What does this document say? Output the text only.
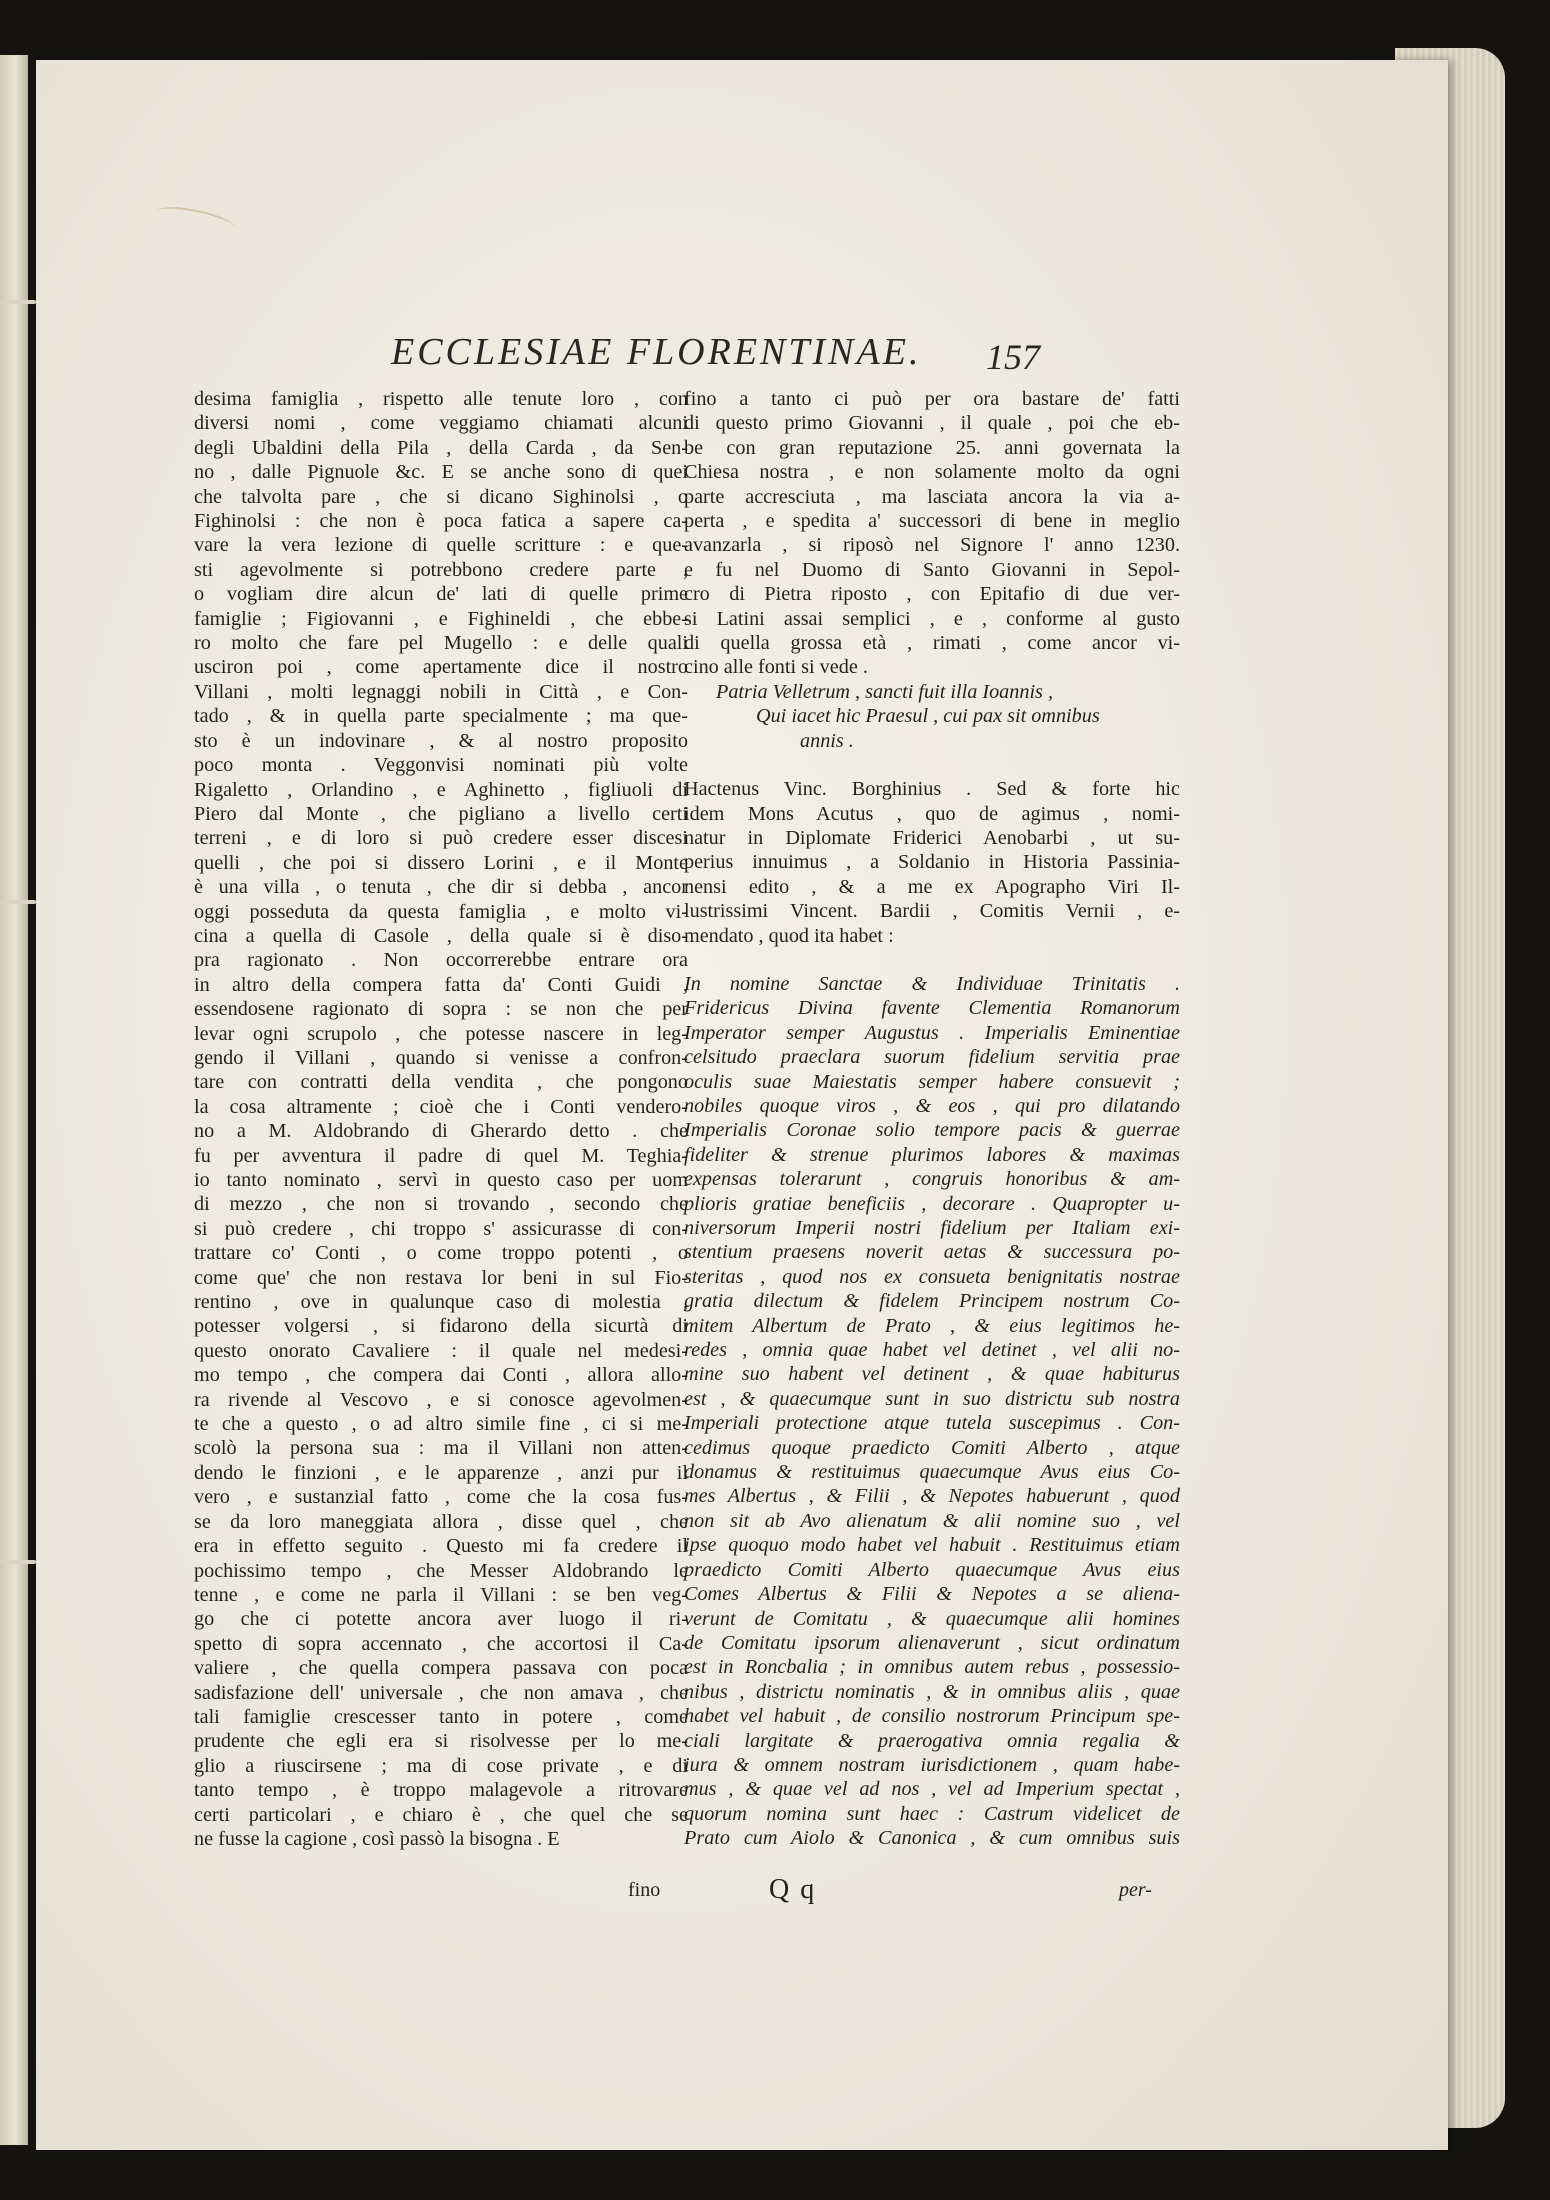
ECCLESIAE FLORENTINAE. 157
desima famiglia , rispetto alle tenute loro , con
diversi nomi , come veggiamo chiamati alcuni
degli Ubaldini della Pila , della Carda , da Sen-
no , dalle Pignuole &c. E se anche sono di quei
che talvolta pare , che si dicano Sighinolsi , o
Fighinolsi : che non è poca fatica a sapere ca-
vare la vera lezione di quelle scritture : e que-
sti agevolmente si potrebbono credere parte ,
o vogliam dire alcun de' lati di quelle prime
famiglie ; Figiovanni , e Fighineldi , che ebbe-
ro molto che fare pel Mugello : e delle quali
usciron poi , come apertamente dice il nostro
Villani , molti legnaggi nobili in Città , e Con-
tado , & in quella parte specialmente ; ma que-
sto è un indovinare , & al nostro proposito
poco monta . Veggonvisi nominati più volte
Rigaletto , Orlandino , e Aghinetto , figliuoli di
Piero dal Monte , che pigliano a livello certi
terreni , e di loro si può credere esser discesi
quelli , che poi si dissero Lorini , e il Monte
è una villa , o tenuta , che dir si debba , ancor
oggi posseduta da questa famiglia , e molto vi-
cina a quella di Casole , della quale si è diso-
pra ragionato . Non occorrerebbe entrare ora
in altro della compera fatta da' Conti Guidi ,
essendosene ragionato di sopra : se non che per
levar ogni scrupolo , che potesse nascere in leg-
gendo il Villani , quando si venisse a confron-
tare con contratti della vendita , che pongono
la cosa altramente ; cioè che i Conti vendero-
no a M. Aldobrando di Gherardo detto . che
fu per avventura il padre di quel M. Teghia-
io tanto nominato , servì in questo caso per uom
di mezzo , che non si trovando , secondo che
si può credere , chi troppo s' assicurasse di con-
trattare co' Conti , o come troppo potenti , o
come que' che non restava lor beni in sul Fio-
rentino , ove in qualunque caso di molestia ,
potesser volgersi , si fidarono della sicurtà di
questo onorato Cavaliere : il quale nel medesi-
mo tempo , che compera dai Conti , allora allo-
ra rivende al Vescovo , e si conosce agevolmen-
te che a questo , o ad altro simile fine , ci si me-
scolò la persona sua : ma il Villani non atten-
dendo le finzioni , e le apparenze , anzi pur il
vero , e sustanzial fatto , come che la cosa fus-
se da loro maneggiata allora , disse quel , che
era in effetto seguito . Questo mi fa credere il
pochissimo tempo , che Messer Aldobrando le
tenne , e come ne parla il Villani : se ben veg-
go che ci potette ancora aver luogo il ri-
spetto di sopra accennato , che accortosi il Ca-
valiere , che quella compera passava con poca
sadisfazione dell' universale , che non amava , che
tali famiglie crescesser tanto in potere , come
prudente che egli era si risolvesse per lo me-
glio a riuscirsene ; ma di cose private , e di
tanto tempo , è troppo malagevole a ritrovare
certi particolari , e chiaro è , che quel che se
ne fusse la cagione , così passò la bisogna . E
fino a tanto ci può per ora bastare de' fatti
di questo primo Giovanni , il quale , poi che eb-
be con gran reputazione 25. anni governata la
Chiesa nostra , e non solamente molto da ogni
parte accresciuta , ma lasciata ancora la via a-
perta , e spedita a' successori di bene in meglio
avanzarla , si riposò nel Signore l' anno 1230.
e fu nel Duomo di Santo Giovanni in Sepol-
cro di Pietra riposto , con Epitafio di due ver-
si Latini assai semplici , e , conforme al gusto
di quella grossa età , rimati , come ancor vi-
cino alle fonti si vede .
Patria Velletrum , sancti fuit illa Ioannis ,
Qui iacet hic Praesul , cui pax sit omnibus
annis .
Hactenus Vinc. Borghinius . Sed & forte hic
idem Mons Acutus , quo de agimus , nomi-
natur in Diplomate Friderici Aenobarbi , ut su-
perius innuimus , a Soldanio in Historia Passinia-
nensi edito , & a me ex Apographo Viri Il-
lustrissimi Vincent. Bardii , Comitis Vernii , e-
mendato , quod ita habet :
In nomine Sanctae & Individuae Trinitatis .
Fridericus Divina favente Clementia Romanorum
Imperator semper Augustus . Imperialis Eminentiae
celsitudo praeclara suorum fidelium servitia prae
oculis suae Maiestatis semper habere consuevit ;
nobiles quoque viros , & eos , qui pro dilatando
Imperialis Coronae solio tempore pacis & guerrae
fideliter & strenue plurimos labores & maximas
expensas tolerarunt , congruis honoribus & am-
plioris gratiae beneficiis , decorare . Quapropter u-
niversorum Imperii nostri fidelium per Italiam exi-
stentium praesens noverit aetas & successura po-
steritas , quod nos ex consueta benignitatis nostrae
gratia dilectum & fidelem Principem nostrum Co-
mitem Albertum de Prato , & eius legitimos he-
redes , omnia quae habet vel detinet , vel alii no-
mine suo habent vel detinent , & quae habiturus
est , & quaecumque sunt in suo districtu sub nostra
Imperiali protectione atque tutela suscepimus . Con-
cedimus quoque praedicto Comiti Alberto , atque
donamus & restituimus quaecumque Avus eius Co-
mes Albertus , & Filii , & Nepotes habuerunt , quod
non sit ab Avo alienatum & alii nomine suo , vel
ipse quoquo modo habet vel habuit . Restituimus etiam
praedicto Comiti Alberto quaecumque Avus eius
Comes Albertus & Filii & Nepotes a se aliena-
verunt de Comitatu , & quaecumque alii homines
de Comitatu ipsorum alienaverunt , sicut ordinatum
est in Roncbalia ; in omnibus autem rebus , possessio-
nibus , districtu nominatis , & in omnibus aliis , quae
habet vel habuit , de consilio nostrorum Principum spe-
ciali largitate & praerogativa omnia regalia &
iura & omnem nostram iurisdictionem , quam habe-
mus , & quae vel ad nos , vel ad Imperium spectat ,
quorum nomina sunt haec : Castrum videlicet de
Prato cum Aiolo & Canonica , & cum omnibus suis
fino	Q q	per-
